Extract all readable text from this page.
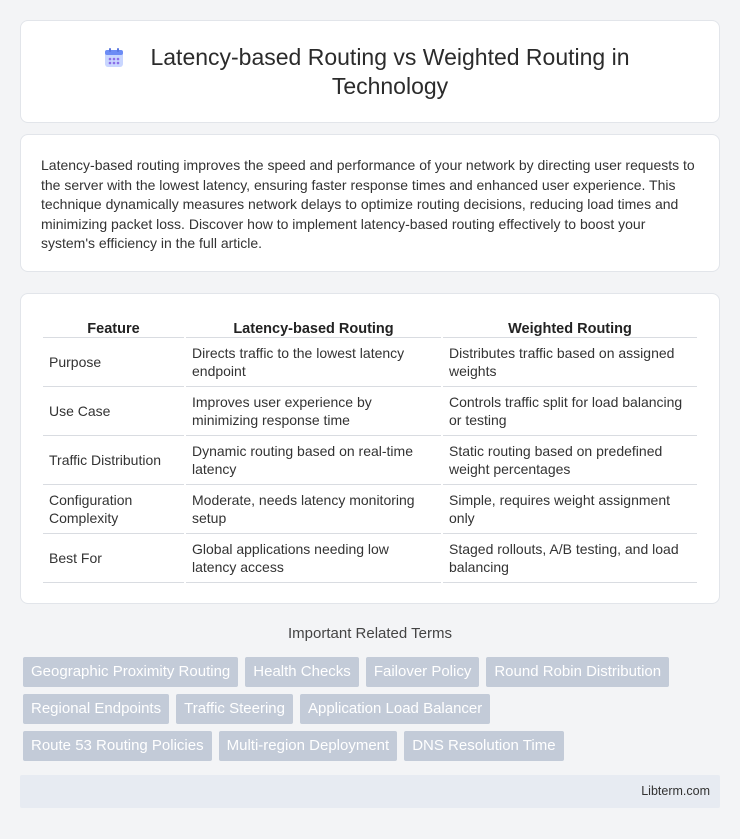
Latency-based Routing vs Weighted Routing in Technology

Latency-based routing improves the speed and performance of your network by directing user requests to the server with the lowest latency, ensuring faster response times and enhanced user experience. This technique dynamically measures network delays to optimize routing decisions, reducing load times and minimizing packet loss. Discover how to implement latency-based routing effectively to boost your system's efficiency in the full article.

Feature	Latency-based Routing	Weighted Routing
Purpose	Directs traffic to the lowest latency endpoint	Distributes traffic based on assigned weights
Use Case	Improves user experience by minimizing response time	Controls traffic split for load balancing or testing
Traffic Distribution	Dynamic routing based on real-time latency	Static routing based on predefined weight percentages
Configuration Complexity	Moderate, needs latency monitoring setup	Simple, requires weight assignment only
Best For	Global applications needing low latency access	Staged rollouts, A/B testing, and load balancing
Important Related Terms
Geographic Proximity Routing	Health Checks	Failover Policy	Round Robin Distribution
Regional Endpoints	Traffic Steering	Application Load Balancer
Route 53 Routing Policies	Multi-region Deployment	DNS Resolution Time
Libterm.com
